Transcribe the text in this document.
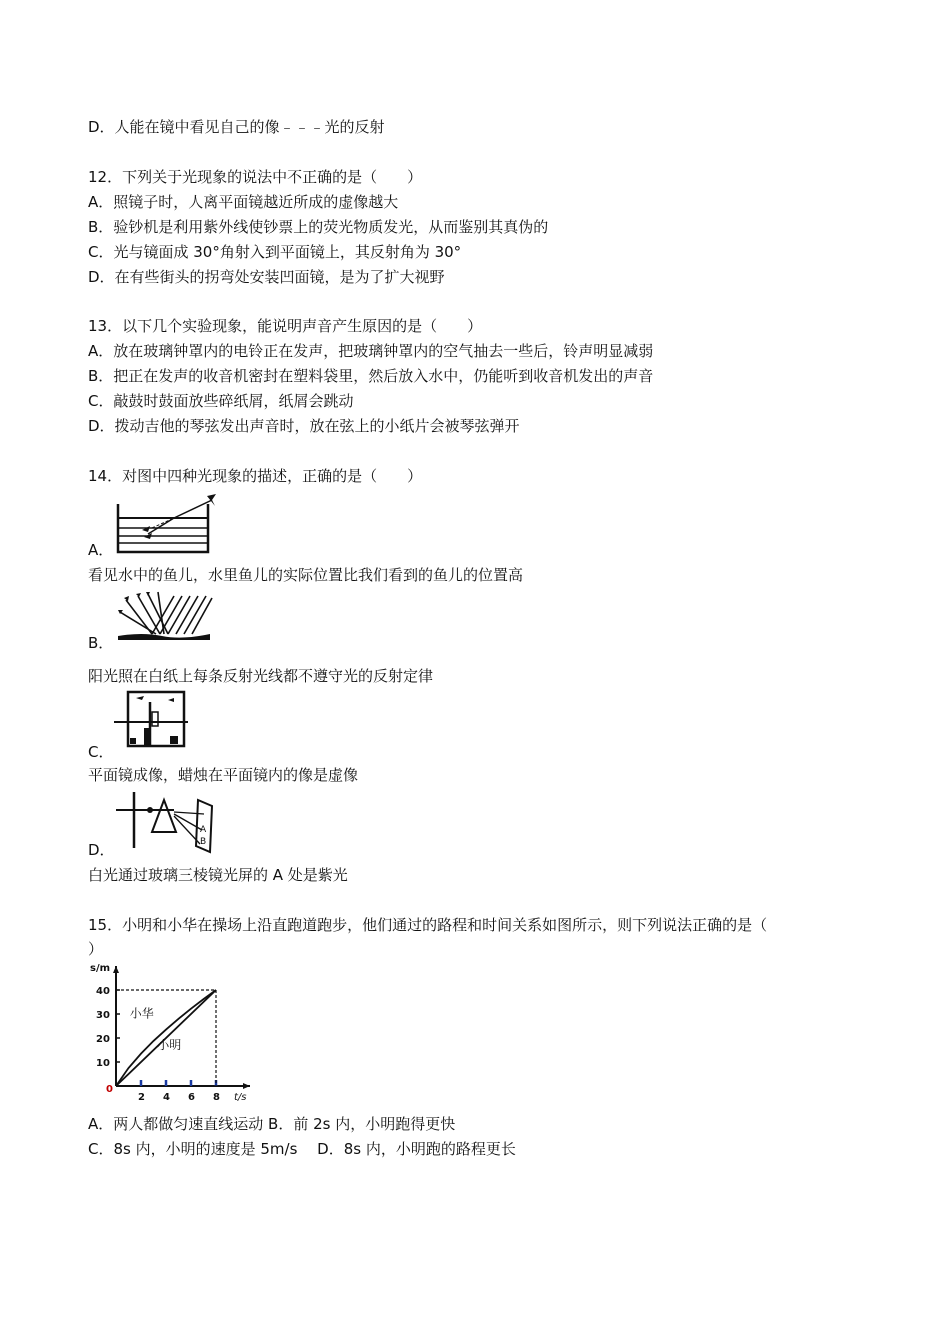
D．人能在镜中看见自己的像﹣﹣﹣光的反射
12．下列关于光现象的说法中不正确的是（　　）
A．照镜子时，人离平面镜越近所成的虚像越大
B．验钞机是利用紫外线使钞票上的荧光物质发光，从而鉴别其真伪的
C．光与镜面成 30°角射入到平面镜上，其反射角为 30°
D．在有些街头的拐弯处安装凹面镜，是为了扩大视野
13．以下几个实验现象，能说明声音产生原因的是（　　）
A．放在玻璃钟罩内的电铃正在发声，把玻璃钟罩内的空气抽去一些后，铃声明显减弱
B．把正在发声的收音机密封在塑料袋里，然后放入水中，仍能听到收音机发出的声音
C．敲鼓时鼓面放些碎纸屑，纸屑会跳动
D．拨动吉他的琴弦发出声音时，放在弦上的小纸片会被琴弦弹开
14．对图中四种光现象的描述，正确的是（　　）
A．
看见水中的鱼儿，水里鱼儿的实际位置比我们看到的鱼儿的位置高
B．
阳光照在白纸上每条反射光线都不遵守光的反射定律
C．
平面镜成像，蜡烛在平面镜内的像是虚像
A
B
D．
白光通过玻璃三棱镜光屏的 A 处是紫光
15．小明和小华在操场上沿直跑道跑步，他们通过的路程和时间关系如图所示，则下列说法正确的是（
）
s/m
t/s
0
2 4 6 8
10
20
30
40
小华
小明
A．两人都做匀速直线运动 B．前 2s 内，小明跑得更快
C．8s 内，小明的速度是 5m/s　 D．8s 内，小明跑的路程更长
